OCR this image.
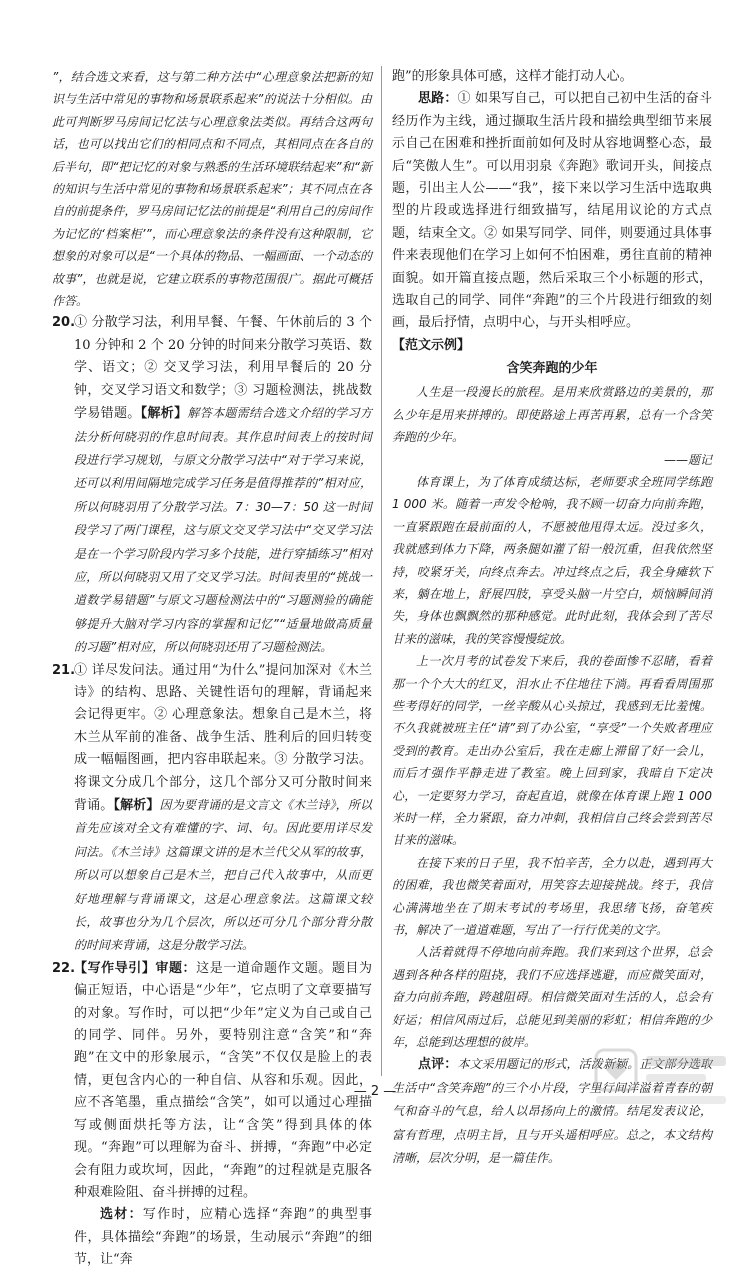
”，结合选文来看，这与第二种方法中“心理意象法把新的知识与生活中常见的事物和场景联系起来”的说法十分相似。由此可判断罗马房间记忆法与心理意象法类似。再结合这两句话，也可以找出它们的相同点和不同点，其相同点在各自的后半句，即“把记忆的对象与熟悉的生活环境联结起来”和“新的知识与生活中常见的事物和场景联系起来”；其不同点在各自的前提条件，罗马房间记忆法的前提是“利用自己的房间作为记忆的‘档案柜’”，而心理意象法的条件没有这种限制，它想象的对象可以是“一个具体的物品、一幅画面、一个动态的故事”，也就是说，它建立联系的事物范围很广。据此可概括作答。

20.

① 分散学习法，利用早餐、午餐、午休前后的 3 个 10 分钟和 2 个 20 分钟的时间来分散学习英语、数学、语文；② 交叉学习法，利用早餐后的 20 分钟，交叉学习语文和数学；③ 习题检测法，挑战数学易错题。【解析】解答本题需结合选文介绍的学习方法分析何晓羽的作息时间表。其作息时间表上的按时间段进行学习规划，与原文分散学习法中“对于学习来说，还可以利用间隔地完成学习任务是值得推荐的”相对应，所以何晓羽用了分散学习法。7：30—7：50 这一时间段学习了两门课程，这与原文交叉学习法中“交叉学习法是在一个学习阶段内学习多个技能，进行穿插练习”相对应，所以何晓羽又用了交叉学习法。时间表里的“挑战一道数学易错题”与原文习题检测法中的“习题测验的确能够提升大脑对学习内容的掌握和记忆”“适量地做高质量的习题”相对应，所以何晓羽还用了习题检测法。

21.

① 详尽发问法。通过用“为什么”提问加深对《木兰诗》的结构、思路、关键性语句的理解，背诵起来会记得更牢。② 心理意象法。想象自己是木兰，将木兰从军前的准备、战争生活、胜利后的回归转变成一幅幅图画，把内容串联起来。③ 分散学习法。将课文分成几个部分，这几个部分又可分散时间来背诵。【解析】因为要背诵的是文言文《木兰诗》，所以首先应该对全文有难懂的字、词、句。因此要用详尽发问法。《木兰诗》这篇课文讲的是木兰代父从军的故事，所以可以想象自己是木兰，把自己代入故事中，从而更好地理解与背诵课文，这是心理意象法。这篇课文较长，故事也分为几个层次，所以还可分几个部分背分散的时间来背诵，这是分散学习法。

22.

【写作导引】审题：这是一道命题作文题。题目为偏正短语，中心语是“少年”，它点明了文章要描写的对象。写作时，可以把“少年”定义为自己或自己的同学、同伴。另外，要特别注意“含笑”和“奔跑”在文中的形象展示，“含笑”不仅仅是脸上的表情，更包含内心的一种自信、从容和乐观。因此，应不吝笔墨，重点描绘“含笑”，如可以通过心理描写或侧面烘托等方法，让“含笑”得到具体的体现。“奔跑”可以理解为奋斗、拼搏，“奔跑”中必定会有阻力或坎坷，因此，“奔跑”的过程就是克服各种艰难险阻、奋斗拼搏的过程。

选材：写作时，应精心选择“奔跑”的典型事件，具体描绘“奔跑”的场景，生动展示“奔跑”的细节，让“奔

跑”的形象具体可感，这样才能打动人心。

思路：① 如果写自己，可以把自己初中生活的奋斗经历作为主线，通过撷取生活片段和描绘典型细节来展示自己在困难和挫折面前如何及时从容地调整心态，最后“笑傲人生”。可以用羽泉《奔跑》歌词开头，间接点题，引出主人公——“我”，接下来以学习生活中选取典型的片段或选择进行细致描写，结尾用议论的方式点题，结束全文。② 如果写同学、同伴，则要通过具体事件来表现他们在学习上如何不怕困难，勇往直前的精神面貌。如开篇直接点题，然后采取三个小标题的形式，选取自己的同学、同伴“奔跑”的三个片段进行细致的刻画，最后抒情，点明中心，与开头相呼应。

【范文示例】

含笑奔跑的少年

人生是一段漫长的旅程。是用来欣赏路边的美景的，那么少年是用来拼搏的。即使路途上再苦再累，总有一个含笑奔跑的少年。

——题记

体育课上，为了体育成绩达标，老师要求全班同学练跑 1 000 米。随着一声发令枪响，我不顾一切奋力向前奔跑，一直紧跟跑在最前面的人，不愿被他甩得太远。没过多久，我就感到体力下降，两条腿如灌了铅一般沉重，但我依然坚持，咬紧牙关，向终点奔去。冲过终点之后，我全身瘫软下来，躺在地上，舒展四肢，享受头脑一片空白，烦恼瞬间消失，身体也飘飘然的那种感觉。此时此刻，我体会到了苦尽甘来的滋味，我的笑容慢慢绽放。

上一次月考的试卷发下来后，我的卷面惨不忍睹，看着那一个个大大的红叉，泪水止不住地往下淌。再看看周围那些考得好的同学，一丝辛酸从心头掠过，我感到无比羞愧。不久我就被班主任“请”到了办公室，“享受”一个失败者理应受到的教育。走出办公室后，我在走廊上滞留了好一会儿，而后才强作平静走进了教室。晚上回到家，我暗自下定决心，一定要努力学习，奋起直追，就像在体育课上跑 1 000 米时一样，全力紧跟，奋力冲刺，我相信自己终会尝到苦尽甘来的滋味。

在接下来的日子里，我不怕辛苦，全力以赴，遇到再大的困难，我也微笑着面对，用笑容去迎接挑战。终于，我信心满满地坐在了期末考试的考场里，我思绪飞扬，奋笔疾书，解决了一道道难题，写出了一行行优美的文字。

人活着就得不停地向前奔跑。我们来到这个世界，总会遇到各种各样的阻挠，我们不应选择逃避，而应微笑面对，奋力向前奔跑，跨越阻碍。相信微笑面对生活的人，总会有好运；相信风雨过后，总能见到美丽的彩虹；相信奔跑的少年，总能到达理想的彼岸。

点评：本文采用题记的形式，活泼新颖。正文部分选取生活中“含笑奔跑”的三个小片段，字里行间洋溢着青春的朝气和奋斗的气息，给人以昂扬向上的激情。结尾发表议论，富有哲理，点明主旨，且与开头遥相呼应。总之，本文结构清晰，层次分明，是一篇佳作。

— 2 —
